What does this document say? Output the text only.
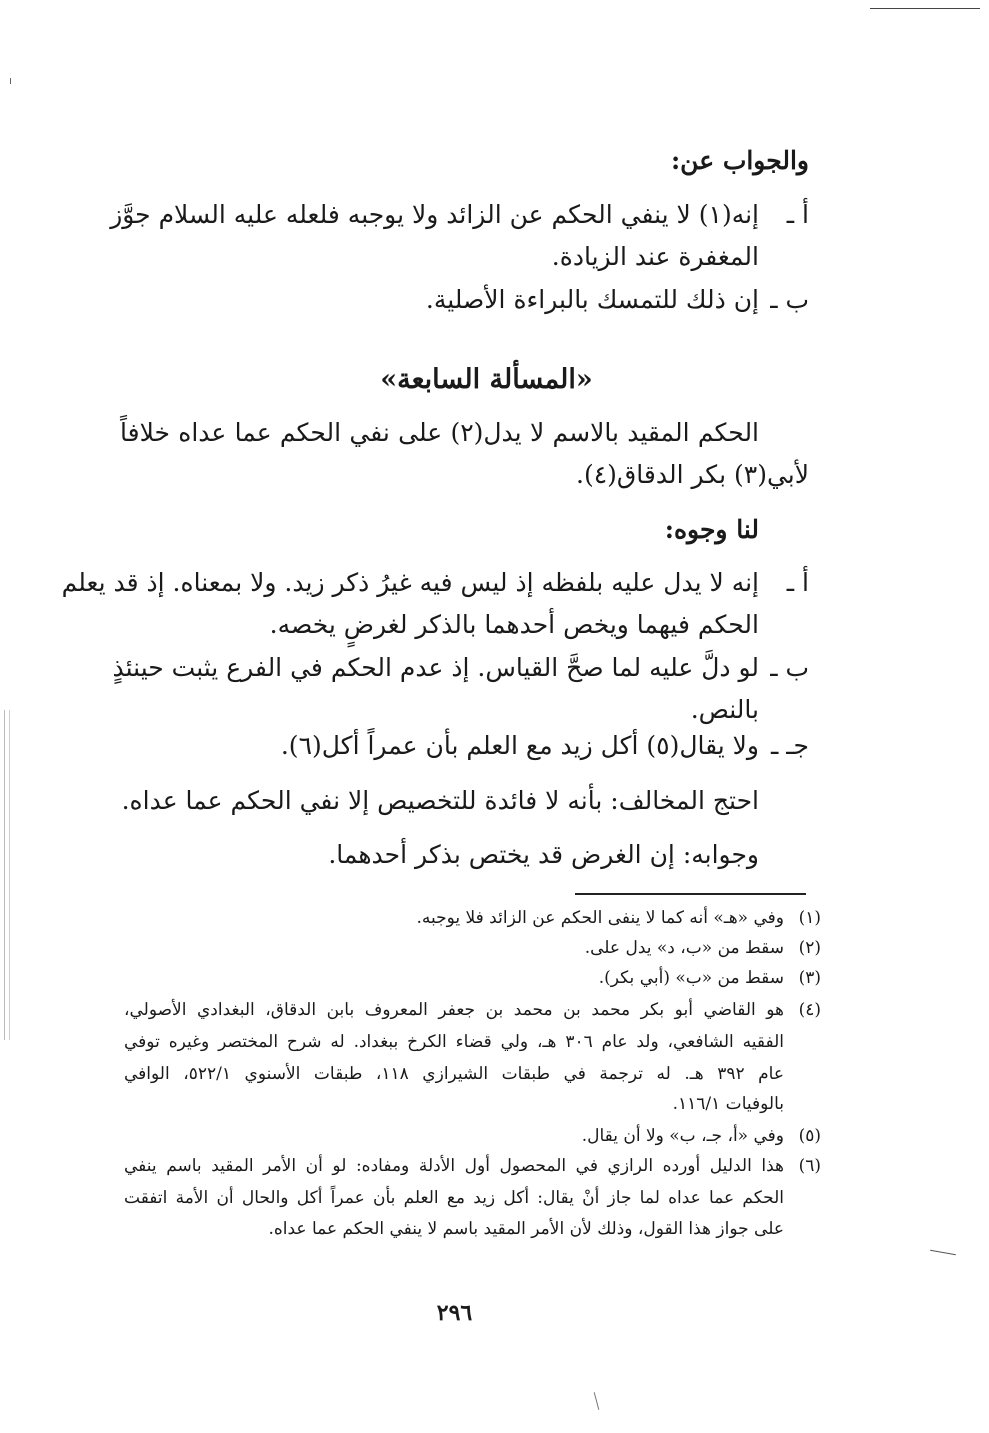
والجواب عن:
أ ـ
إنه(١) لا ينفي الحكم عن الزائد ولا يوجبه فلعله عليه السلام جوَّز
المغفرة عند الزيادة.
ب ـ
إن ذلك للتمسك بالبراءة الأصلية.
«المسألة السابعة»
الحكم المقيد بالاسم لا يدل(٢) على نفي الحكم عما عداه خلافاً
لأبي(٣) بكر الدقاق(٤).
لنا وجوه:
أ ـ
إنه لا يدل عليه بلفظه إذ ليس فيه غيرُ ذكر زيد. ولا بمعناه. إذ قد يعلم
الحكم فيهما ويخص أحدهما بالذكر لغرضٍ يخصه.
ب ـ
لو دلَّ عليه لما صحَّ القياس. إذ عدم الحكم في الفرع يثبت حينئذٍ
بالنص.
جـ ـ
ولا يقال(٥) أكل زيد مع العلم بأن عمراً أكل(٦).
احتج المخالف: بأنه لا فائدة للتخصيص إلا نفي الحكم عما عداه.
وجوابه: إن الغرض قد يختص بذكر أحدهما.
(١)
وفي «هـ» أنه كما لا ينفى الحكم عن الزائد فلا يوجبه.
(٢)
سقط من «ب، د» يدل على.
(٣)
سقط من «ب» (أبي بكر).
(٤)
هو القاضي أبو بكر محمد بن محمد بن جعفر المعروف بابن الدقاق، البغدادي الأصولي،
الفقيه الشافعي، ولد عام ٣٠٦ هـ، ولي قضاء الكرخ ببغداد. له شرح المختصر وغيره توفي
عام ٣٩٢ هـ. له ترجمة في طبقات الشيرازي ١١٨، طبقات الأسنوي ٥٢٢/١، الوافي
بالوفيات ١١٦/١.
(٥)
وفي «أ، جـ، ب» ولا أن يقال.
(٦)
هذا الدليل أورده الرازي في المحصول أول الأدلة ومفاده: لو أن الأمر المقيد باسم ينفي
الحكم عما عداه لما جاز أنْ يقال: أكل زيد مع العلم بأن عمراً أكل والحال أن الأمة اتفقت
على جواز هذا القول، وذلك لأن الأمر المقيد باسم لا ينفي الحكم عما عداه.
٢٩٦
